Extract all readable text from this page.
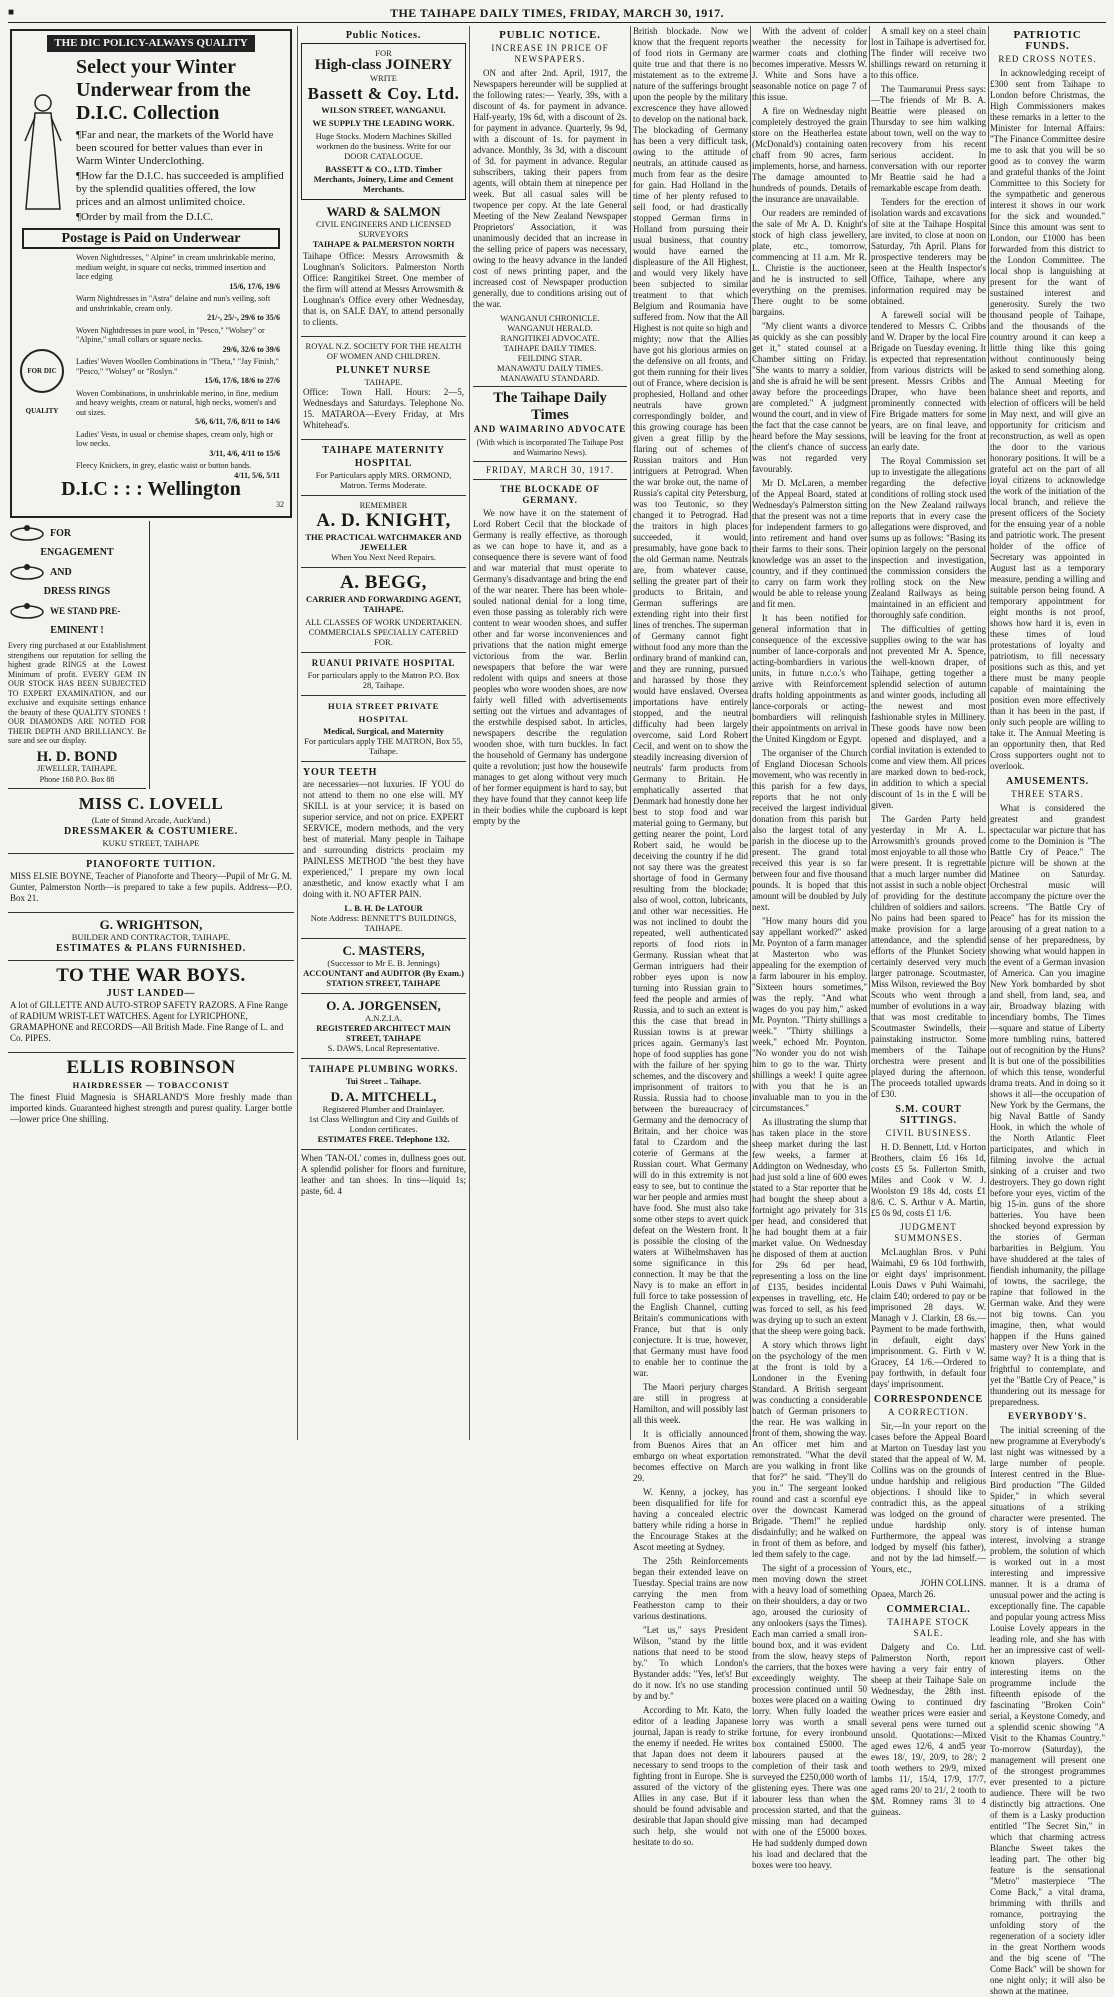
■	THE TAIHAPE DAILY TIMES, FRIDAY, MARCH 30, 1917.
THE DIC POLICY-ALWAYS QUALITY
Select your Winter Underwear from the D.I.C. Collection
¶Far and near, the markets of the World have been scoured for better values than ever in Warm Winter Underclothing.
¶How far the D.I.C. has succeeded is amplified by the splendid qualities offered, the low prices and an almost unlimited choice.
¶Order by mail from the D.I.C.
Postage is Paid on Underwear
FOR DIC QUALITY
Woven Nightdresses, " Alpine" in cream unshrinkable merino, medium weight, in square cut necks, trimmed insertion and lace edging
15/6, 17/6, 19/6
Warm Nightdresses in "Astra" delaine and nun's veiling, soft and unshrinkable, cream only.
21/-, 25/-, 29/6 to 35/6
Woven Nightdresses in pure wool, in "Pesco," "Wolsey" or "Alpine," small collars or square necks.
29/6, 32/6 to 39/6
Ladies' Woven Woollen Combinations in "Theta," "Jay Finish," "Pesco," "Wolsey" or "Roslyn."
15/6, 17/6, 18/6 to 27/6
Woven Combinations, in unshrinkable merino, in fine, medium and heavy weights, cream or natural, high necks, women's and out sizes.
5/6, 6/11, 7/6, 8/11 to 14/6
Ladies' Vests, in usual or chemise shapes, cream only, high or low necks.
3/11, 4/6, 4/11 to 15/6
Fleecy Knickers, in grey, elastic waist or button bands.
4/11, 5/6, 5/11
D.I.C : : : Wellington
32
FOR
ENGAGEMENT
AND
DRESS RINGS
WE STAND PRE-
EMINENT !

Every ring purchased at our Establishment strengthens our reputation for selling the highest grade RINGS at the Lowest Minimum of profit. EVERY GEM IN OUR STOCK HAS BEEN SUBJECTED TO EXPERT EXAMINATION, and our exclusive and exquisite settings enhance the beauty of these QUALITY STONES ! OUR DIAMONDS ARE NOTED FOR THEIR DEPTH AND BRILLIANCY. Be sure and see our display.

H. D. BOND
JEWELLER, TAIHAPE.
Phone 168 P.O. Box 88
MISS C. LOVELL
(Late of Strand Arcade, Auck'and.)
DRESSMAKER & COSTUMIERE.
KUKU STREET, TAIHAPE
PIANOFORTE TUITION.

MISS ELSIE BOYNE, Teacher of Pianoforte and Theory—Pupil of Mr G. M. Gunter, Palmerston North—is prepared to take a few pupils. Address—P.O. Box 21.

G. WRIGHTSON,
BUILDER AND CONTRACTOR, TAIHAPE.
ESTIMATES & PLANS FURNISHED.
TO THE WAR BOYS.
JUST LANDED—

A lot of GILLETTE AND AUTO-STROP SAFETY RAZORS. A Fine Range of RADIUM WRIST-LET WATCHES. Agent for LYRICPHONE, GRAMAPHONE and RECORDS—All British Made. Fine Range of L. and Co. PIPES.

ELLIS ROBINSON
HAIRDRESSER — TOBACCONIST

The finest Fluid Magnesia is SHARLAND'S More freshly made than imported kinds. Guaranteed highest strength and purest quality. Larger bottle—lower price One shilling.

Public Notices.
FOR
High-class JOINERY
WRITE
Bassett & Coy. Ltd.
WILSON STREET, WANGANUI.
WE SUPPLY THE LEADING WORK.
Huge Stocks. Modern Machines Skilled workmen do the business. Write for our DOOR CATALOGUE.
BASSETT & CO., LTD. Timber Merchants, Joinery, Lime and Cement Merchants.
WARD & SALMON
CIVIL ENGINEERS AND LICENSED SURVEYORS
TAIHAPE & PALMERSTON NORTH

Taihape Office: Messrs Arrowsmith & Loughnan's Solicitors. Palmerston North Office: Rangitikei Street. One member of the firm will attend at Messrs Arrowsmith & Loughnan's Office every other Wednesday, that is, on SALE DAY, to attend personally to clients.

ROYAL N.Z. SOCIETY FOR THE HEALTH OF WOMEN AND CHILDREN.
PLUNKET NURSE
TAIHAPE.

Office: Town Hall. Hours: 2—5, Wednesdays and Saturdays. Telephone No. 15. MATAROA—Every Friday, at Mrs Whitehead's.

TAIHAPE MATERNITY HOSPITAL
For Particulars apply MRS. ORMOND, Matron. Terms Moderate.
REMEMBER
A. D. KNIGHT,
THE PRACTICAL WATCHMAKER AND JEWELLER
When You Next Need Repairs.
A. BEGG,
CARRIER AND FORWARDING AGENT, TAIHAPE.
ALL CLASSES OF WORK UNDERTAKEN. COMMERCIALS SPECIALLY CATERED FOR.
RUANUI PRIVATE HOSPITAL
For particulars apply to the Matron P.O. Box 28, Taihape.
HUIA STREET PRIVATE HOSPITAL
Medical, Surgical, and Maternity
For particulars apply THE MATRON, Box 55, Taihape.
YOUR TEETH

are necessaries—not luxuries. IF YOU do not attend to them no one else will. MY SKILL is at your service; it is based on superior service, and not on price. EXPERT SERVICE, modern methods, and the very best of material. Many people in Taihape and surrounding districts proclaim my PAINLESS METHOD "the best they have experienced," I prepare my own local anæsthetic, and know exactly what I am doing with it. NO AFTER PAIN.

L. B. H. De LATOUR
Note Address: BENNETT'S BUILDINGS, TAIHAPE.
C. MASTERS,
(Successor to Mr E. B. Jennings)
ACCOUNTANT and AUDITOR (By Exam.) STATION STREET, TAIHAPE
O. A. JORGENSEN,
A.N.Z.I.A.
REGISTERED ARCHITECT MAIN STREET, TAIHAPE
S. DAWS, Local Representative.
TAIHAPE PLUMBING WORKS.
Tui Street .. Taihape.
D. A. MITCHELL,
Registered Plumber and Drainlayer.
1st Class Wellington and City and Guilds of London certificates.
ESTIMATES FREE. Telephone 132.

When 'TAN-OL' comes in, dullness goes out. A splendid polisher for floors and furniture, leather and tan shoes. In tins—liquid 1s; paste, 6d. 4

PUBLIC NOTICE.
INCREASE IN PRICE OF NEWSPAPERS.

ON and after 2nd. April, 1917, the Newspapers hereunder will be supplied at the following rates:— Yearly, 39s, with a discount of 4s. for payment in advance. Half-yearly, 19s 6d, with a discount of 2s. for payment in advance. Quarterly, 9s 9d, with a discount of 1s. for payment in advance. Monthly, 3s 3d, with a discount of 3d. for payment in advance. Regular subscribers, taking their papers from agents, will obtain them at ninepence per week. But all casual sales will be twopence per copy. At the late General Meeting of the New Zealand Newspaper Proprietors' Association, it was unanimously decided that an increase in the selling price of papers was necessary, owing to the heavy advance in the landed cost of news printing paper, and the increased cost of Newspaper production generally, due to conditions arising out of the war.

WANGANUI CHRONICLE.
WANGANUI HERALD.
RANGITIKEI ADVOCATE.
TAIHAPE DAILY TIMES.
FEILDING STAR.
MANAWATU DAILY TIMES.
MANAWATU STANDARD.
The Taihape Daily Times
AND WAIMARINO ADVOCATE
(With which is incorporated The Taihape Post and Waimarino News).
FRIDAY, MARCH 30, 1917.
THE BLOCKADE OF GERMANY.

We now have it on the statement of Lord Robert Cecil that the blockade of Germany is really effective, as thorough as we can hope to have it, and as a consequence there is severe want of food and war material that must operate to Germany's disadvantage and bring the end of the war nearer. There has been whole-souled national denial for a long time, even those passing as tolerably rich were content to wear wooden shoes, and suffer other and far worse inconveniences and privations that the nation might emerge victorious from the war. Berlin newspapers that before the war were redolent with quips and sneers at those peoples who wore wooden shoes, are now fairly well filled with advertisements setting out the virtues and advantages of the erstwhile despised sabot. In articles, newspapers describe the regulation wooden shoe, with turn buckles. In fact the household of Germany has undergone quite a revolution; just how the housewife manages to get along without very much of her former equipment is hard to say, but they have found that they cannot keep life in their bodies while the cupboard is kept empty by the

British blockade. Now we know that the frequent reports of food riots in Germany are quite true and that there is no mistatement as to the extreme nature of the sufferings brought upon the people by the military excrescence they have allowed to develop on the national back. The blockading of Germany has been a very difficult task, owing to the attitude of neutrals, an attitude caused as much from fear as the desire for gain. Had Holland in the time of her plenty refused to sell food, or had drastically stopped German firms in Holland from pursuing their usual business, that country would have earned the displeasure of the All Highest, and would very likely have been subjected to similar treatment to that which Belgium and Roumania have suffered from. Now that the All Highest is not quite so high and mighty; now that the Allies have got his glorious armies on the defensive on all fronts, and got them running for their lives out of France, where decision is prophesied, Holland and other neutrals have grown correspondingly bolder, and this growing courage has been given a great fillip by the flaring out of schemes of Russian traitors and Hun intriguers at Petrograd. When the war broke out, the name of Russia's capital city Petersburg, was too Teutonic, so they changed it to Petrograd. Had the traitors in high places succeeded, it would, presumably, have gone back to the old German name. Neutrals are, from whatever cause, selling the greater part of their products to Britain, and German sufferings are extending right into their first lines of trenches. The superman of Germany cannot fight without food any more than the ordinary brand of mankind can, and they are running, pursued and harassed by those they would have enslaved. Oversea importations have entirely stopped, and the neutral difficulty had been largely overcome, said Lord Robert Cecil, and went on to show the steadily increasing diversion of neutrals' farm products from Germany to Britain. He emphatically asserted that Denmark had honestly done her best to stop food and war material going to Germany, but getting nearer the point, Lord Robert said, he would be deceiving the country if he did not say there was the greatest shortage of food in Germany resulting from the blockade; also of wool, cotton, lubricants, and other war necessities. He was not inclined to doubt the repeated, well authenticated reports of food riots in Germany. Russian wheat that German intriguers had their robber eyes upon is now turning into Russian grain to feed the people and armies of Russia, and to such an extent is this the case that bread in Russian towns is at prewar prices again. Germany's last hope of food supplies has gone with the failure of her spying schemes, and the discovery and imprisonment of traitors to Russia. Russia had to choose between the bureaucracy of Germany and the democracy of Britain, and her choice was fatal to Czardom and the coterie of Germans at the Russian court. What Germany will do in this extremity is not easy to see, but to continue the war her people and armies must have food. She must also take some other steps to avert quick defeat on the Western front. It is possible the closing of the waters at Wilhelmshaven has some significance in this connection. It may be that the Navy is to make an effort in full force to take possession of the English Channel, cutting Britain's communications with France, but that is only conjecture. It is true, however, that Germany must have food to enable her to continue the war.

The Maori perjury charges are still in progress at Hamilton, and will possibly last all this week.

It is officially announced from Buenos Aires that an embargo on wheat exportation becomes effective on March 29.

W. Kenny, a jockey, has been disqualified for life for having a concealed electric battery while riding a horse in the Encourage Stakes at the Ascot meeting at Sydney.

The 25th Reinforcements began their extended leave on Tuesday. Special trains are now carrying the men from Featherston camp to their various destinations.

"Let us," says President Wilson, "stand by the little nations that need to be stood by." To which London's Bystander adds: "Yes, let's! But do it now. It's no use standing by and by."

According to Mr. Kato, the editor of a leading Japanese journal, Japan is ready to strike the enemy if needed. He writes that Japan does not deem it necessary to send troops to the fighting front in Europe. She is assured of the victory of the Allies in any case. But if it should be found advisable and desirable that Japan should give such help, she would not hesitate to do so.

PATRIOTIC FUNDS.
RED CROSS NOTES.

In acknowledging receipt of £300 sent from Taihape to London before Christmas, the High Commissioners makes these remarks in a letter to the Minister for Internal Affairs: "The Finance Committee desire me to ask that you will be so good as to convey the warm and grateful thanks of the Joint Committee to this Society for the sympathetic and generous interest it shows in our work for the sick and wounded." Since this amount was sent to London, our £1000 has been forwarded from this district to the London Committee. The local shop is languishing at present for the want of sustained interest and generosity. Surely the two thousand people of Taihape, and the thousands of the country around it can keep a little thing like this going without continuously being asked to send something along. The Annual Meeting for balance sheet and reports, and election of officers will be held in May next, and will give an opportunity for criticism and reconstruction, as well as open the door to the various honorary positions. It will be a grateful act on the part of all loyal citizens to acknowledge the work of the initiation of the local branch, and relieve the present officers of the Society for the ensuing year of a noble and patriotic work. The present holder of the office of Secretary was appointed in August last as a temporary measure, pending a willing and suitable person being found. A temporary appointment for eight months is not proof, shows how hard it is, even in these times of loud protestations of loyalty and patriotism, to fill necessary positions such as this, and yet there must be many people capable of maintaining the position even more effectively than it has been in the past, if only such people are willing to take it. The Annual Meeting is an opportunity then, that Red Cross supporters ought not to overlook.

AMUSEMENTS.
THREE STARS.

What is considered the greatest and grandest spectacular war picture that has come to the Dominion is "The Battle Cry of Peace." The picture will be shown at the Matinee on Saturday. Orchestral music will accompany the picture over the screens. "The Battle Cry of Peace" has for its mission the arousing of a great nation to a sense of her preparedness, by showing what would happen in the event of a German invasion of America. Can you imagine New York bombarded by shot and shell, from land, sea, and air, Broadway blazing with incendiary bombs, The Times—square and statue of Liberty more tumbling ruins, battered out of recognition by the Huns? It is but one of the possibilities of which this tense, wonderful drama treats. And in doing so it shows it all—the occupation of New York by the Germans, the big Naval Battle of Sandy Hook, in which the whole of the North Atlantic Fleet participates, and which in filming involve the actual sinking of a cruiser and two destroyers. They go down right before your eyes, victim of the big 15-in. guns of the shore batteries. You have been shocked beyond expression by the stories of German barbarities in Belgium. You have shuddered at the tales of fiendish inhumanity, the pillage of towns, the sacrilege, the rapine that followed in the German wake. And they were not big towns. Can you imagine, then, what would happen if the Huns gained mastery over New York in the same way? It is a thing that is frightful to contemplate, and yet the "Battle Cry of Peace," is thundering out its message for preparedness.

EVERYBODY'S.

The initial screening of the new programme at Everybody's last night was witnessed by a large number of people. Interest centred in the Blue-Bird production "The Gilded Spider," in which several situations of a striking character were presented. The story is of intense human interest, involving a strange problem, the solution of which is worked out in a most interesting and impressive manner. It is a drama of unusual power and the acting is exceptionally fine. The capable and popular young actress Miss Louise Lovely appears in the leading role, and she has with her an impressive cast of well-known players. Other interesting items on the programme include the fifteenth episode of the fascinating "Broken Coin" serial, a Keystone Comedy, and a splendid scenic showing "A Visit to the Khamas Country." To-morrow (Saturday), the management will present one of the strongest programmes ever presented to a picture audience. There will be two distinctly big attractions. One of them is a Lasky production entitled "The Secret Sin," in which that charming actress Blanche Sweet takes the leading part. The other big feature is the sensational "Metro" masterpiece "The Come Back," a vital drama, brimming with thrills and romance, portraying the unfolding story of the regeneration of a society idler in the great Northern woods and the big scene of "The Come Back" will be shown for one night only; it will also be shown at the matinee.

With the advent of colder weather the necessity for warmer coats and clothing becomes imperative. Messrs W. J. White and Sons have a seasonable notice on page 7 of this issue.

A fire on Wednesday night completely destroyed the grain store on the Heatherlea estate (McDonald's) containing oaten chaff from 90 acres, farm implements, horse, and harness. The damage amounted to hundreds of pounds. Details of the insurance are unavailable.

Our readers are reminded of the sale of Mr A. D. Knight's stock of high class jewellery, plate, etc., tomorrow, commencing at 11 a.m. Mr R. L. Christie is the auctioneer, and he is instructed to sell everything on the premises. There ought to be some bargains.

"My client wants a divorce as quickly as she can possibly get it," stated counsel at a Chamber sitting on Friday. "She wants to marry a soldier, and she is afraid he will be sent away before the proceedings are completed." A judgment wound the court, and in view of the fact that the case cannot be heard before the May sessions, the client's chance of success was not regarded very favourably.

Mr D. McLaren, a member of the Appeal Board, stated at Wednesday's Palmerston sitting that the present was not a time for independent farmers to go into retirement and hand over their farms to their sons. Their knowledge was an asset to the country, and if they continued to carry on farm work they would be able to release young and fit men.

It has been notified for general information that in consequence of the excessive number of lance-corporals and acting-bombardiers in various units, in future n.c.o.'s who arrive with Reinforcement drafts holding appointments as lance-corporals or acting-bombardiers will relinquish their appointments on arrival in the United Kingdom or Egypt.

The organiser of the Church of England Diocesan Schools movement, who was recently in this parish for a few days, reports that he not only received the largest individual donation from this parish but also the largest total of any parish in the diocese up to the present. The grand total received this year is so far between four and five thousand pounds. It is hoped that this amount will be doubled by July next.

"How many hours did you say appellant worked?" asked Mr. Poynton of a farm manager at Masterton who was appealing for the exemption of a farm labourer in his employ. "Sixteen hours sometimes," was the reply. "And what wages do you pay him," asked Mr. Poynton. "Thirty shillings a week." "Thirty shillings a week," echoed Mr. Poynton. "No wonder you do not wish him to go to the war. Thirty shillings a week! I quite agree with you that he is an invaluable man to you in the circumstances."

As illustrating the slump that has taken place in the store sheep market during the last few weeks, a farmer at Addington on Wednesday, who had just sold a line of 600 ewes stated to a Star reporter that he had bought the sheep about a fortnight ago privately for 31s per head, and considered that he had bought them at a fair market value. On Wednesday he disposed of them at auction for 29s 6d per head, representing a loss on the line of £135, besides incidental expenses in travelling, etc. He was forced to sell, as his feed was drying up to such an extent that the sheep were going back.

A story which throws light on the psychology of the men at the front is told by a Londoner in the Evening Standard. A British sergeant was conducting a considerable batch of German prisoners to the rear. He was walking in front of them, showing the way. An officer met him and remonstrated. "What the devil are you walking in front like that for?" he said. "They'll do you in." The sergeant looked round and cast a scornful eye over the downcast Kamerad Brigade. "Them!" he replied disdainfully; and he walked on in front of them as before, and led them safely to the cage.

The sight of a procession of men moving down the street with a heavy load of something on their shoulders, a day or two ago, aroused the curiosity of any onlookers (says the Times). Each man carried a small iron-bound box, and it was evident from the slow, heavy steps of the carriers, that the boxes were exceedingly weighty. The procession continued until 50 boxes were placed on a waiting lorry. When fully loaded the lorry was worth a small fortune, for every ironbound box contained £5000. The labourers paused at the completion of their task and surveyed the £250,000 worth of glistening eyes. There was one labourer less than when the procession started, and that the missing man had decamped with one of the £5000 boxes. He had suddenly dumped down his load and declared that the boxes were too heavy.

A small key on a steel chain lost in Taihape is advertised for. The finder will receive two shillings reward on returning it to this office.

The Taumarunui Press says:—The friends of Mr B. A. Beattie were pleased on Thursday to see him walking about town, well on the way to recovery from his recent serious accident. In conversation with our reporter Mr Beattie said he had a remarkable escape from death.

Tenders for the erection of isolation wards and excavations of site at the Taihape Hospital are invited, to close at noon on Saturday, 7th April. Plans for prospective tenderers may be seen at the Health Inspector's Office, Taihape, where any information required may be obtained.

A farewell social will be tendered to Messrs C. Cribbs and W. Draper by the local Fire Brigade on Tuesday evening. It is expected that representation from various districts will be present. Messrs Cribbs and Draper, who have been prominently connected with Fire Brigade matters for some years, are on final leave, and will be leaving for the front at an early date.

The Royal Commission set up to investigate the allegations regarding the defective conditions of rolling stock used on the New Zealand railways reports that in every case the allegations were disproved, and sums up as follows: "Basing its opinion largely on the personal inspection and investigation, the commission considers the rolling stock on the New Zealand Railways as being maintained in an efficient and thoroughly safe condition.

The difficulties of getting supplies owing to the war has not prevented Mr A. Spence, the well-known draper, of Taihape, getting together a splendid selection of autumn and winter goods, including all the newest and most fashionable styles in Millinery. These goods have now been opened and displayed, and a cordial invitation is extended to come and view them. All prices are marked down to bed-rock, in addition to which a special discount of 1s in the £ will be given.

The Garden Party held yesterday in Mr A. L. Arrowsmith's grounds proved most enjoyable to all those who were present. It is regrettable that a much larger number did not assist in such a noble object of providing for the destitute children of soldiers and sailors. No pains had been spared to make provision for a large attendance, and the splendid efforts of the Plunket Society certainly deserved very much larger patronage. Scoutmaster, Miss Wilson, reviewed the Boy Scouts who went through a number of evolutions in a way that was most creditable to Scoutmaster Swindells, their painstaking instructor. Some members of the Taihape orchestra were present and played during the afternoon. The proceeds totalled upwards of £30.

S.M. COURT SITTINGS.
CIVIL BUSINESS.

H. D. Bennett, Ltd. v Horton Brothers, claim £6 16s 1d, costs £5 5s. Fullerton Smith, Miles and Cook v W. J. Woolston £9 18s 4d, costs £1 8/6. C. S. Arthur v A. Martin, £5 0s 9d, costs £1 1/6.

JUDGMENT SUMMONSES.

McLaughlan Bros. v Puhi Waimahi, £9 6s 10d forthwith, or eight days' imprisonment. Louis Daws v Puhi Waimahi, claim £40; ordered to pay or be imprisoned 28 days. W. Managh v J. Clarkin, £8 6s.—Payment to be made forthwith, in default, eight days' imprisonment. G. Firth v W. Gracey, £4 1/6.—Ordered to pay forthwith, in default four days' imprisonment.

CORRESPONDENCE
A CORRECTION.

Sir,—In your report on the cases before the Appeal Board at Marton on Tuesday last you stated that the appeal of W. M. Collins was on the grounds of undue hardship and religious objections. I should like to contradict this, as the appeal was lodged on the ground of undue hardship only. Furthermore, the appeal was lodged by myself (his father), and not by the lad himself.—Yours, etc.,

JOHN COLLINS.
Opaea, March 26.
COMMERCIAL.
TAIHAPE STOCK SALE.

Dalgety and Co. Ltd. Palmerston North, report having a very fair entry of sheep at their Taihape Sale on Wednesday, the 28th inst. Owing to continued dry weather prices were easier and several pens were turned out unsold. Quotations:—Mixed aged ewes 12/6, 4 and5 year ewes 18/, 19/, 20/9, to 28/; 2 tooth wethers to 29/9, mixed lambs 11/, 15/4, 17/9, 17/7, aged rams 20/ to 21/, 2 tooth to $M. Romney rams 3l to 4 guineas.
